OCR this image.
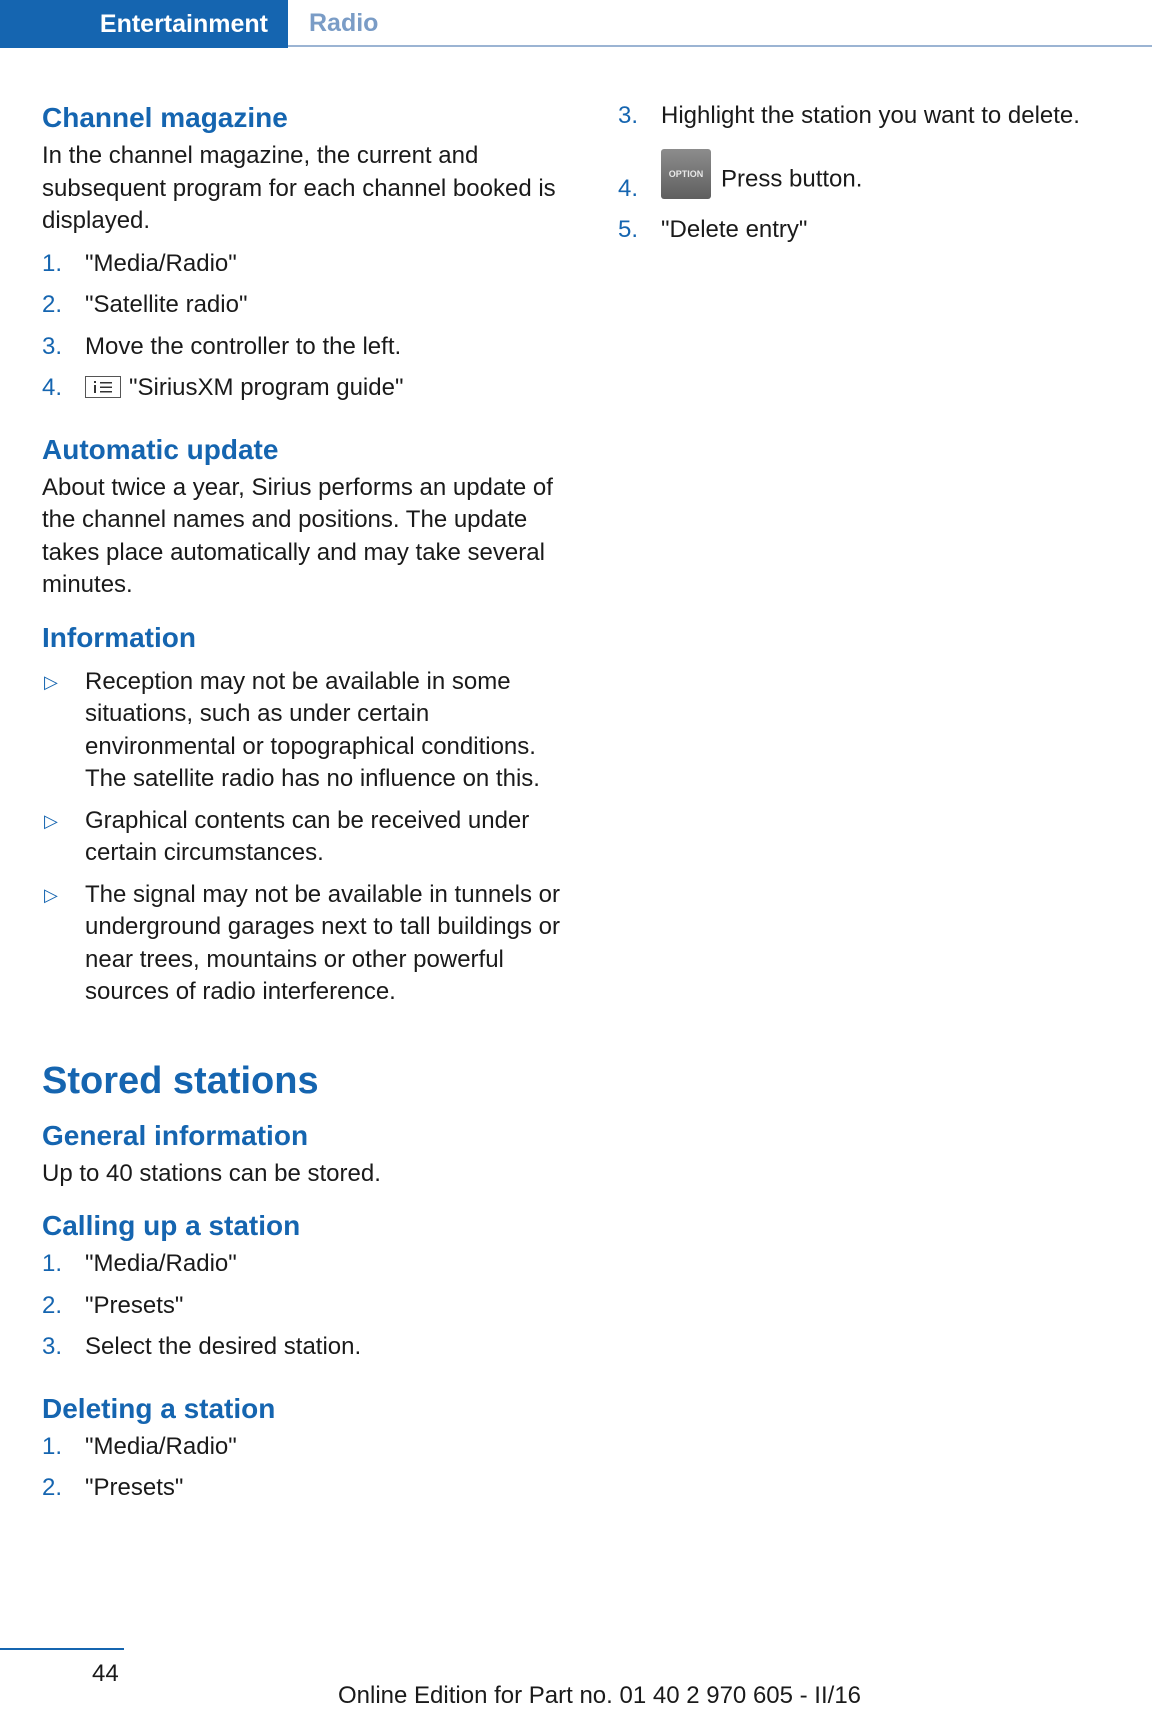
Entertainment	Radio
Channel magazine

In the channel magazine, the current and subsequent program for each channel booked is displayed.

1. "Media/Radio"
2. "Satellite radio"
3. Move the controller to the left.
4.	"SiriusXM program guide"
Automatic update

About twice a year, Sirius performs an update of the channel names and positions. The update takes place automatically and may take several minutes.

Information
▷ Reception may not be available in some situations, such as under certain environmental or topographical conditions. The satellite radio has no influence on this.
▷ Graphical contents can be received under certain circumstances.
▷ The signal may not be available in tunnels or underground garages next to tall buildings or near trees, mountains or other powerful sources of radio interference.
Stored stations
General information

Up to 40 stations can be stored.

Calling up a station
1. "Media/Radio"
2. "Presets"
3. Select the desired station.
Deleting a station
1. "Media/Radio"
2. "Presets"
3. Highlight the station you want to delete.
4.
OPTION Press button.
5. "Delete entry"
44
Online Edition for Part no. 01 40 2 970 605 - II/16
